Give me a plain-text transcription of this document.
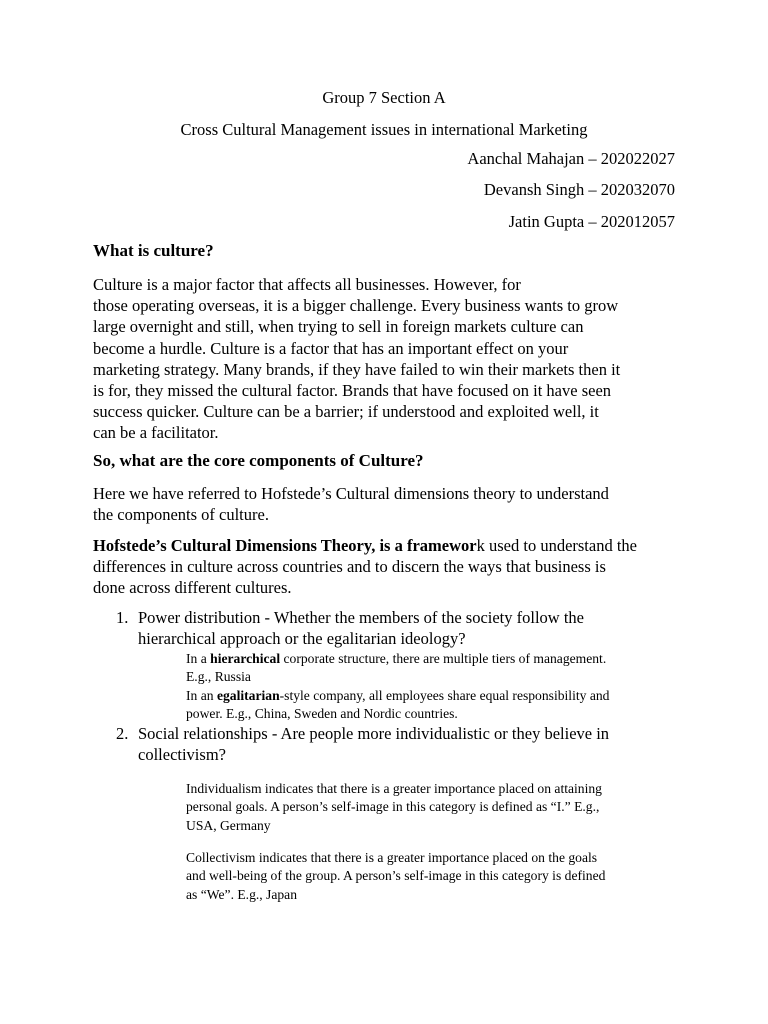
Group 7 Section A
Cross Cultural Management issues in international Marketing
Aanchal Mahajan – 202022027
Devansh Singh – 202032070
Jatin Gupta – 202012057
What is culture?
Culture is a major factor that affects all businesses. However, for
those operating overseas, it is a bigger challenge. Every business wants to grow
large overnight and still, when trying to sell in foreign markets culture can
become a hurdle. Culture is a factor that has an important effect on your
marketing strategy. Many brands, if they have failed to win their markets then it
is for, they missed the cultural factor. Brands that have focused on it have seen
success quicker. Culture can be a barrier; if understood and exploited well, it
can be a facilitator.
So, what are the core components of Culture?
Here we have referred to Hofstede’s Cultural dimensions theory to understand
the components of culture.
Hofstede’s Cultural Dimensions Theory, is a framework used to understand the
differences in culture across countries and to discern the ways that business is
done across different cultures.
1. Power distribution - Whether the members of the society follow the
hierarchical approach or the egalitarian ideology?
In a hierarchical corporate structure, there are multiple tiers of management.
E.g., Russia
In an egalitarian-style company, all employees share equal responsibility and
power. E.g., China, Sweden and Nordic countries.
2. Social relationships - Are people more individualistic or they believe in
collectivism?
Individualism indicates that there is a greater importance placed on attaining
personal goals. A person’s self-image in this category is defined as “I.” E.g.,
USA, Germany
Collectivism indicates that there is a greater importance placed on the goals
and well-being of the group. A person’s self-image in this category is defined
as “We”. E.g., Japan
